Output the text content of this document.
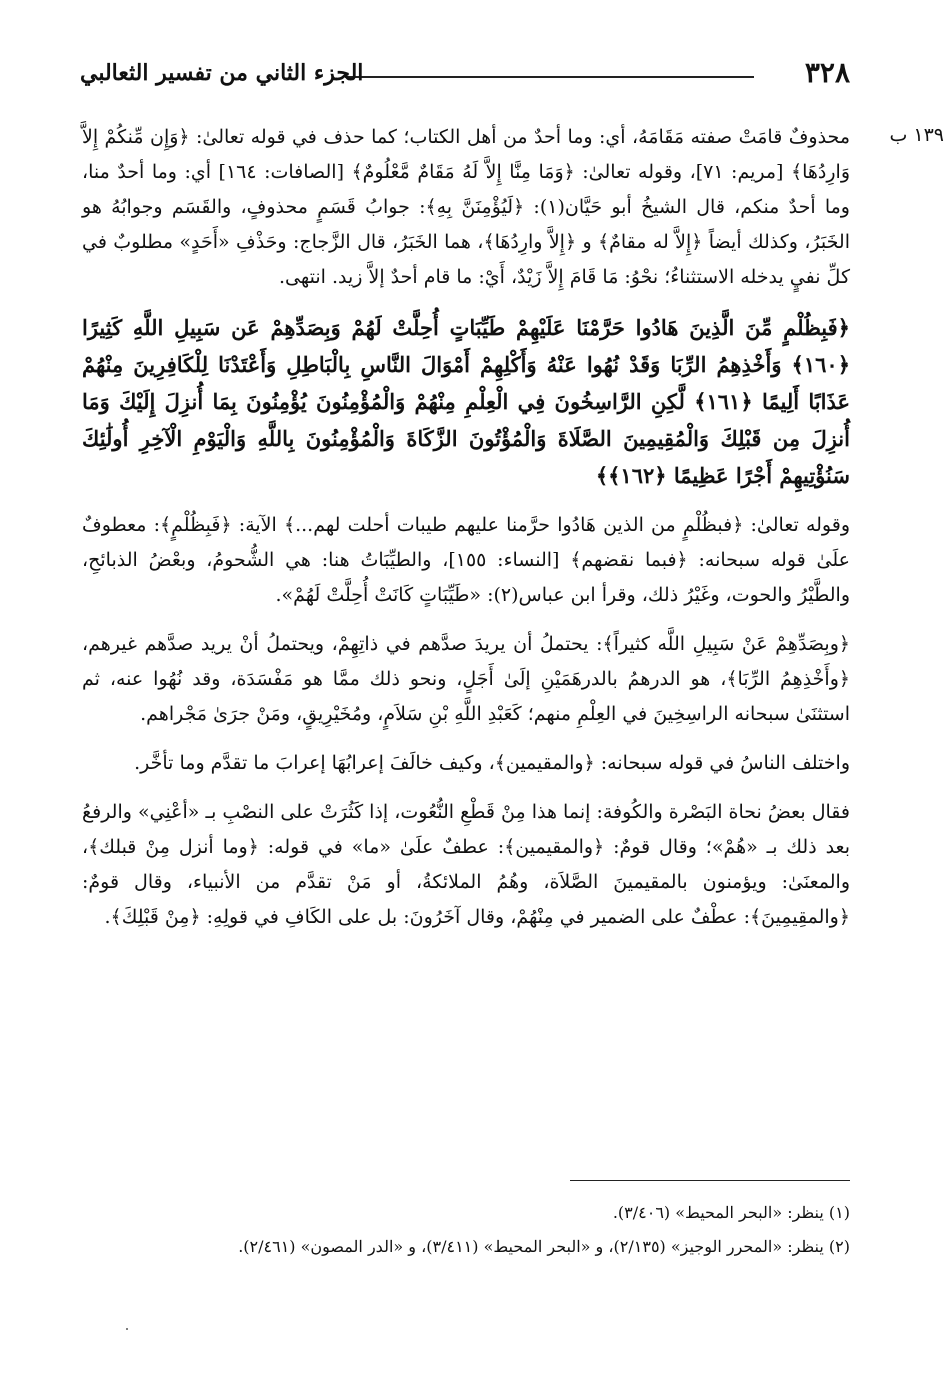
٣٢٨
الجزء الثاني من تفسير الثعالبي
١٣٩ ب

محذوفٌ قامَتْ صفته مَقَامَهُ، أي: وما أحدٌ من أهل الكتاب؛ كما حذف في قوله تعالىٰ: ﴿وَإِن مِّنكُمْ إِلاَّ وَارِدُهَا﴾ [مريم: ٧١]، وقوله تعالىٰ: ﴿وَمَا مِنَّا إِلاَّ لَهُ مَقَامٌ مَّعْلُومٌ﴾ [الصافات: ١٦٤] أي: وما أحدٌ منا، وما أحدٌ منكم، قال الشيخُ أبو حَيَّان(١): ﴿لَيُؤْمِنَنَّ بِهِ﴾: جوابُ قَسَمٍ محذوفٍ، والقَسَم وجوابُهُ هو الخَبَرُ، وكذلك أيضاً ﴿إِلاَّ له مقامٌ﴾ و ﴿إِلاَّ وارِدُهَا﴾، هما الخَبَرُ، قال الزَّجاج: وحَذْفِ «أَحَدٍ» مطلوبٌ في كلِّ نفيٍ يدخله الاستثناءُ؛ نحْوُ: مَا قَامَ إِلاَّ زَيْدٌ، أَيْ: ما قام أحدٌ إلاَّ زيد. انتهى.

﴿فَبِظُلْمٍ مِّنَ الَّذِينَ هَادُوا حَرَّمْنَا عَلَيْهِمْ طَيِّبَاتٍ أُحِلَّتْ لَهُمْ وَبِصَدِّهِمْ عَن سَبِيلِ اللَّهِ كَثِيرًا ﴿١٦٠﴾ وَأَخْذِهِمُ الرِّبَا وَقَدْ نُهُوا عَنْهُ وَأَكْلِهِمْ أَمْوَالَ النَّاسِ بِالْبَاطِلِ وَأَعْتَدْنَا لِلْكَافِرِينَ مِنْهُمْ عَذَابًا أَلِيمًا ﴿١٦١﴾ لَّكِنِ الرَّاسِخُونَ فِي الْعِلْمِ مِنْهُمْ وَالْمُؤْمِنُونَ يُؤْمِنُونَ بِمَا أُنزِلَ إِلَيْكَ وَمَا أُنزِلَ مِن قَبْلِكَ وَالْمُقِيمِينَ الصَّلَاةَ وَالْمُؤْتُونَ الزَّكَاةَ وَالْمُؤْمِنُونَ بِاللَّهِ وَالْيَوْمِ الْآخِرِ أُولَٰئِكَ سَنُؤْتِيهِمْ أَجْرًا عَظِيمًا ﴿١٦٢﴾﴾

وقوله تعالىٰ: ﴿فبظُلْمٍ من الذين هَادُوا حرَّمنا عليهم طيبات أحلت لهم...﴾ الآية: ﴿فَبِظُلْمٍ﴾: معطوفٌ علَىٰ قوله سبحانه: ﴿فبما نقضهم﴾ [النساء: ١٥٥]، والطيِّبَاتُ هنا: هي الشُّحومُ، وبعْضُ الذبائحِ، والطَّيْرُ والحوت، وغَيْرُ ذلك، وقرأ ابن عباس(٢): «طَيِّبَاتٍ كَانَتْ أُحِلَّتْ لَهُمْ».

﴿وبِصَدِّهِمْ عَنْ سَبِيلِ اللَّه كثيراً﴾: يحتملُ أن يريدَ صدَّهم في ذاتِهِمْ، ويحتملُ أنْ يريد صدَّهم غيرهم، ﴿وأَخْذِهِمُ الرِّبَا﴾، هو الدرهمُ بالدرهَمَيْنِ إلَىٰ أَجَلٍ، ونحو ذلك ممَّا هو مَفْسَدَة، وقد نُهُوا عنه، ثم استثنَىٰ سبحانه الراسِخِينَ في العِلْمِ منهم؛ كَعَبْدِ اللَّهِ بْنِ سَلاَمٍ، ومُخَيْرِيقٍ، ومَنْ جرَىٰ مَجْراهم.

واختلف الناسُ في قوله سبحانه: ﴿والمقيمين﴾، وكيف خالَفَ إعرابُهَا إعرابَ ما تقدَّم وما تأخَّر.

فقال بعضُ نحاة البَصْرة والكُوفة: إنما هذا مِنْ قَطْعِ النُّعُوت، إذا كَثُرَتْ على النصْبِ بـ «أعْنِي» والرفعُ بعد ذلك بـ «هُمْ»؛ وقال قومٌ: ﴿والمقيمين﴾: عطفٌ علَىٰ «ما» في قوله: ﴿وما أنزل مِنْ قبلك﴾، والمعنَىٰ: ويؤمنون بالمقيمينَ الصَّلاَة، وهُمُ الملائكةُ، أو مَنْ تقدَّم من الأنبياء، وقال قومٌ: ﴿والمقِيمِينَ﴾: عطْفٌ على الضمير في مِنْهُمْ، وقال آخَرُونَ: بل على الكَافِ في قولِهِ: ﴿مِنْ قَبْلِكَ﴾.

(١) ينظر: «البحر المحيط» (٣/٤٠٦).
(٢) ينظر: «المحرر الوجيز» (٢/١٣٥)، و «البحر المحيط» (٣/٤١١)، و «الدر المصون» (٢/٤٦١).
